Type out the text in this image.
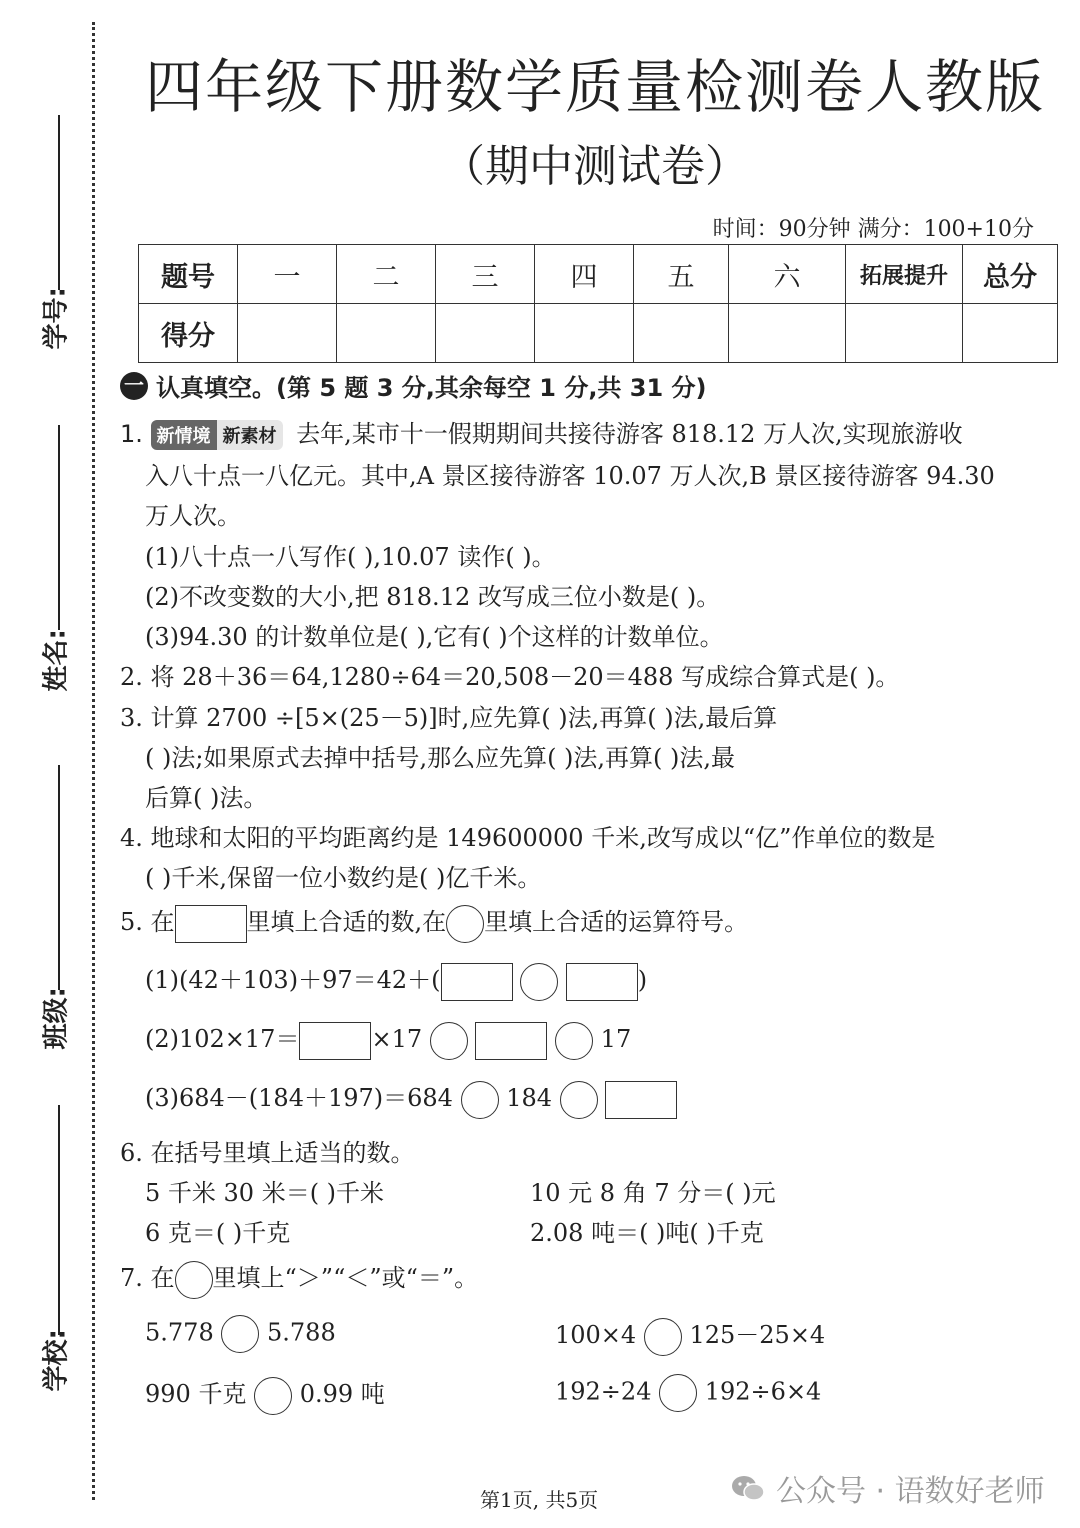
学号:
姓名:
班级:
学校:
四年级下册数学质量检测卷人教版
（期中测试卷）
时间：90分钟 满分：100+10分
题号	一	二	三	四	五	六	拓展提升	总分
得分								
一 认真填空。(第 5 题 3 分,其余每空 1 分,共 31 分)
1. 新情境 新素材 去年,某市十一假期期间共接待游客 818.12 万人次,实现旅游收
入八十点一八亿元。其中,A 景区接待游客 10.07 万人次,B 景区接待游客 94.30
万人次。
(1)八十点一八写作( ),10.07 读作( )。
(2)不改变数的大小,把 818.12 改写成三位小数是( )。
(3)94.30 的计数单位是( ),它有( )个这样的计数单位。
2. 将 28＋36＝64,1280÷64＝20,508－20＝488 写成综合算式是( )。
3. 计算 2700 ÷[5×(25－5)]时,应先算( )法,再算( )法,最后算
( )法;如果原式去掉中括号,那么应先算( )法,再算( )法,最
后算( )法。
4. 地球和太阳的平均距离约是 149600000 千米,改写成以“亿”作单位的数是
( )千米,保留一位小数约是( )亿千米。
5. 在	里填上合适的数,在 里填上合适的运算符号。
(1)(42＋103)＋97＝42＋(	)
(2)102×17＝	×17	17
(3)684－(184＋197)＝684 184
6. 在括号里填上适当的数。
5 千米 30 米＝( )千米	10 元 8 角 7 分＝( )元
6 克＝( )千克	2.08 吨＝( )吨( )千克
7. 在 里填上“＞”“＜”或“＝”。
5.778 5.788	100×4 125－25×4
990 千克 0.99 吨	192÷24 192÷6×4
第1页, 共5页	公众号 · 语数好老师
